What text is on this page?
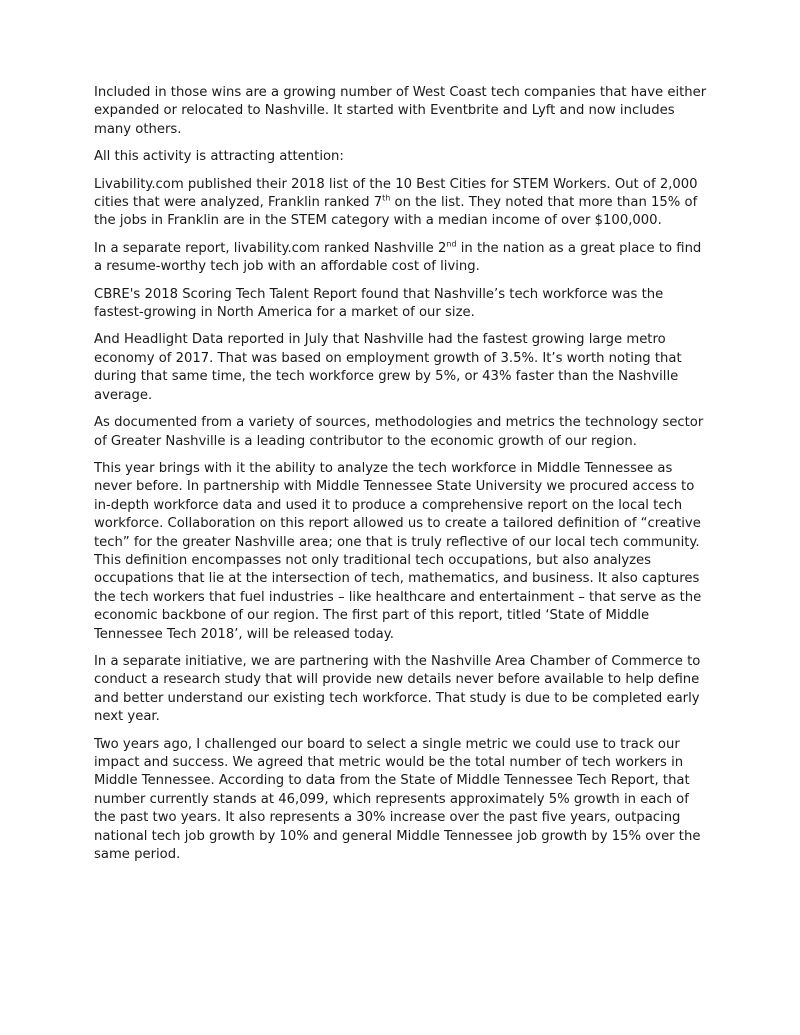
Included in those wins are a growing number of West Coast tech companies that have either expanded or relocated to Nashville. It started with Eventbrite and Lyft and now includes many others.

All this activity is attracting attention:

Livability.com published their 2018 list of the 10 Best Cities for STEM Workers. Out of 2,000 cities that were analyzed, Franklin ranked 7th on the list. They noted that more than 15% of the jobs in Franklin are in the STEM category with a median income of over $100,000.

In a separate report, livability.com ranked Nashville 2nd in the nation as a great place to find a resume-worthy tech job with an affordable cost of living.

CBRE's 2018 Scoring Tech Talent Report found that Nashville’s tech workforce was the fastest-growing in North America for a market of our size.

And Headlight Data reported in July that Nashville had the fastest growing large metro economy of 2017. That was based on employment growth of 3.5%. It’s worth noting that during that same time, the tech workforce grew by 5%, or 43% faster than the Nashville average.

As documented from a variety of sources, methodologies and metrics the technology sector of Greater Nashville is a leading contributor to the economic growth of our region.

This year brings with it the ability to analyze the tech workforce in Middle Tennessee as never before. In partnership with Middle Tennessee State University we procured access to in-depth workforce data and used it to produce a comprehensive report on the local tech workforce. Collaboration on this report allowed us to create a tailored definition of “creative tech” for the greater Nashville area; one that is truly reflective of our local tech community. This definition encompasses not only traditional tech occupations, but also analyzes occupations that lie at the intersection of tech, mathematics, and business. It also captures the tech workers that fuel industries – like healthcare and entertainment – that serve as the economic backbone of our region. The first part of this report, titled ‘State of Middle Tennessee Tech 2018’, will be released today.

In a separate initiative, we are partnering with the Nashville Area Chamber of Commerce to conduct a research study that will provide new details never before available to help define and better understand our existing tech workforce. That study is due to be completed early next year.

Two years ago, I challenged our board to select a single metric we could use to track our impact and success. We agreed that metric would be the total number of tech workers in Middle Tennessee. According to data from the State of Middle Tennessee Tech Report, that number currently stands at 46,099, which represents approximately 5% growth in each of the past two years. It also represents a 30% increase over the past five years, outpacing national tech job growth by 10% and general Middle Tennessee job growth by 15% over the same period.
